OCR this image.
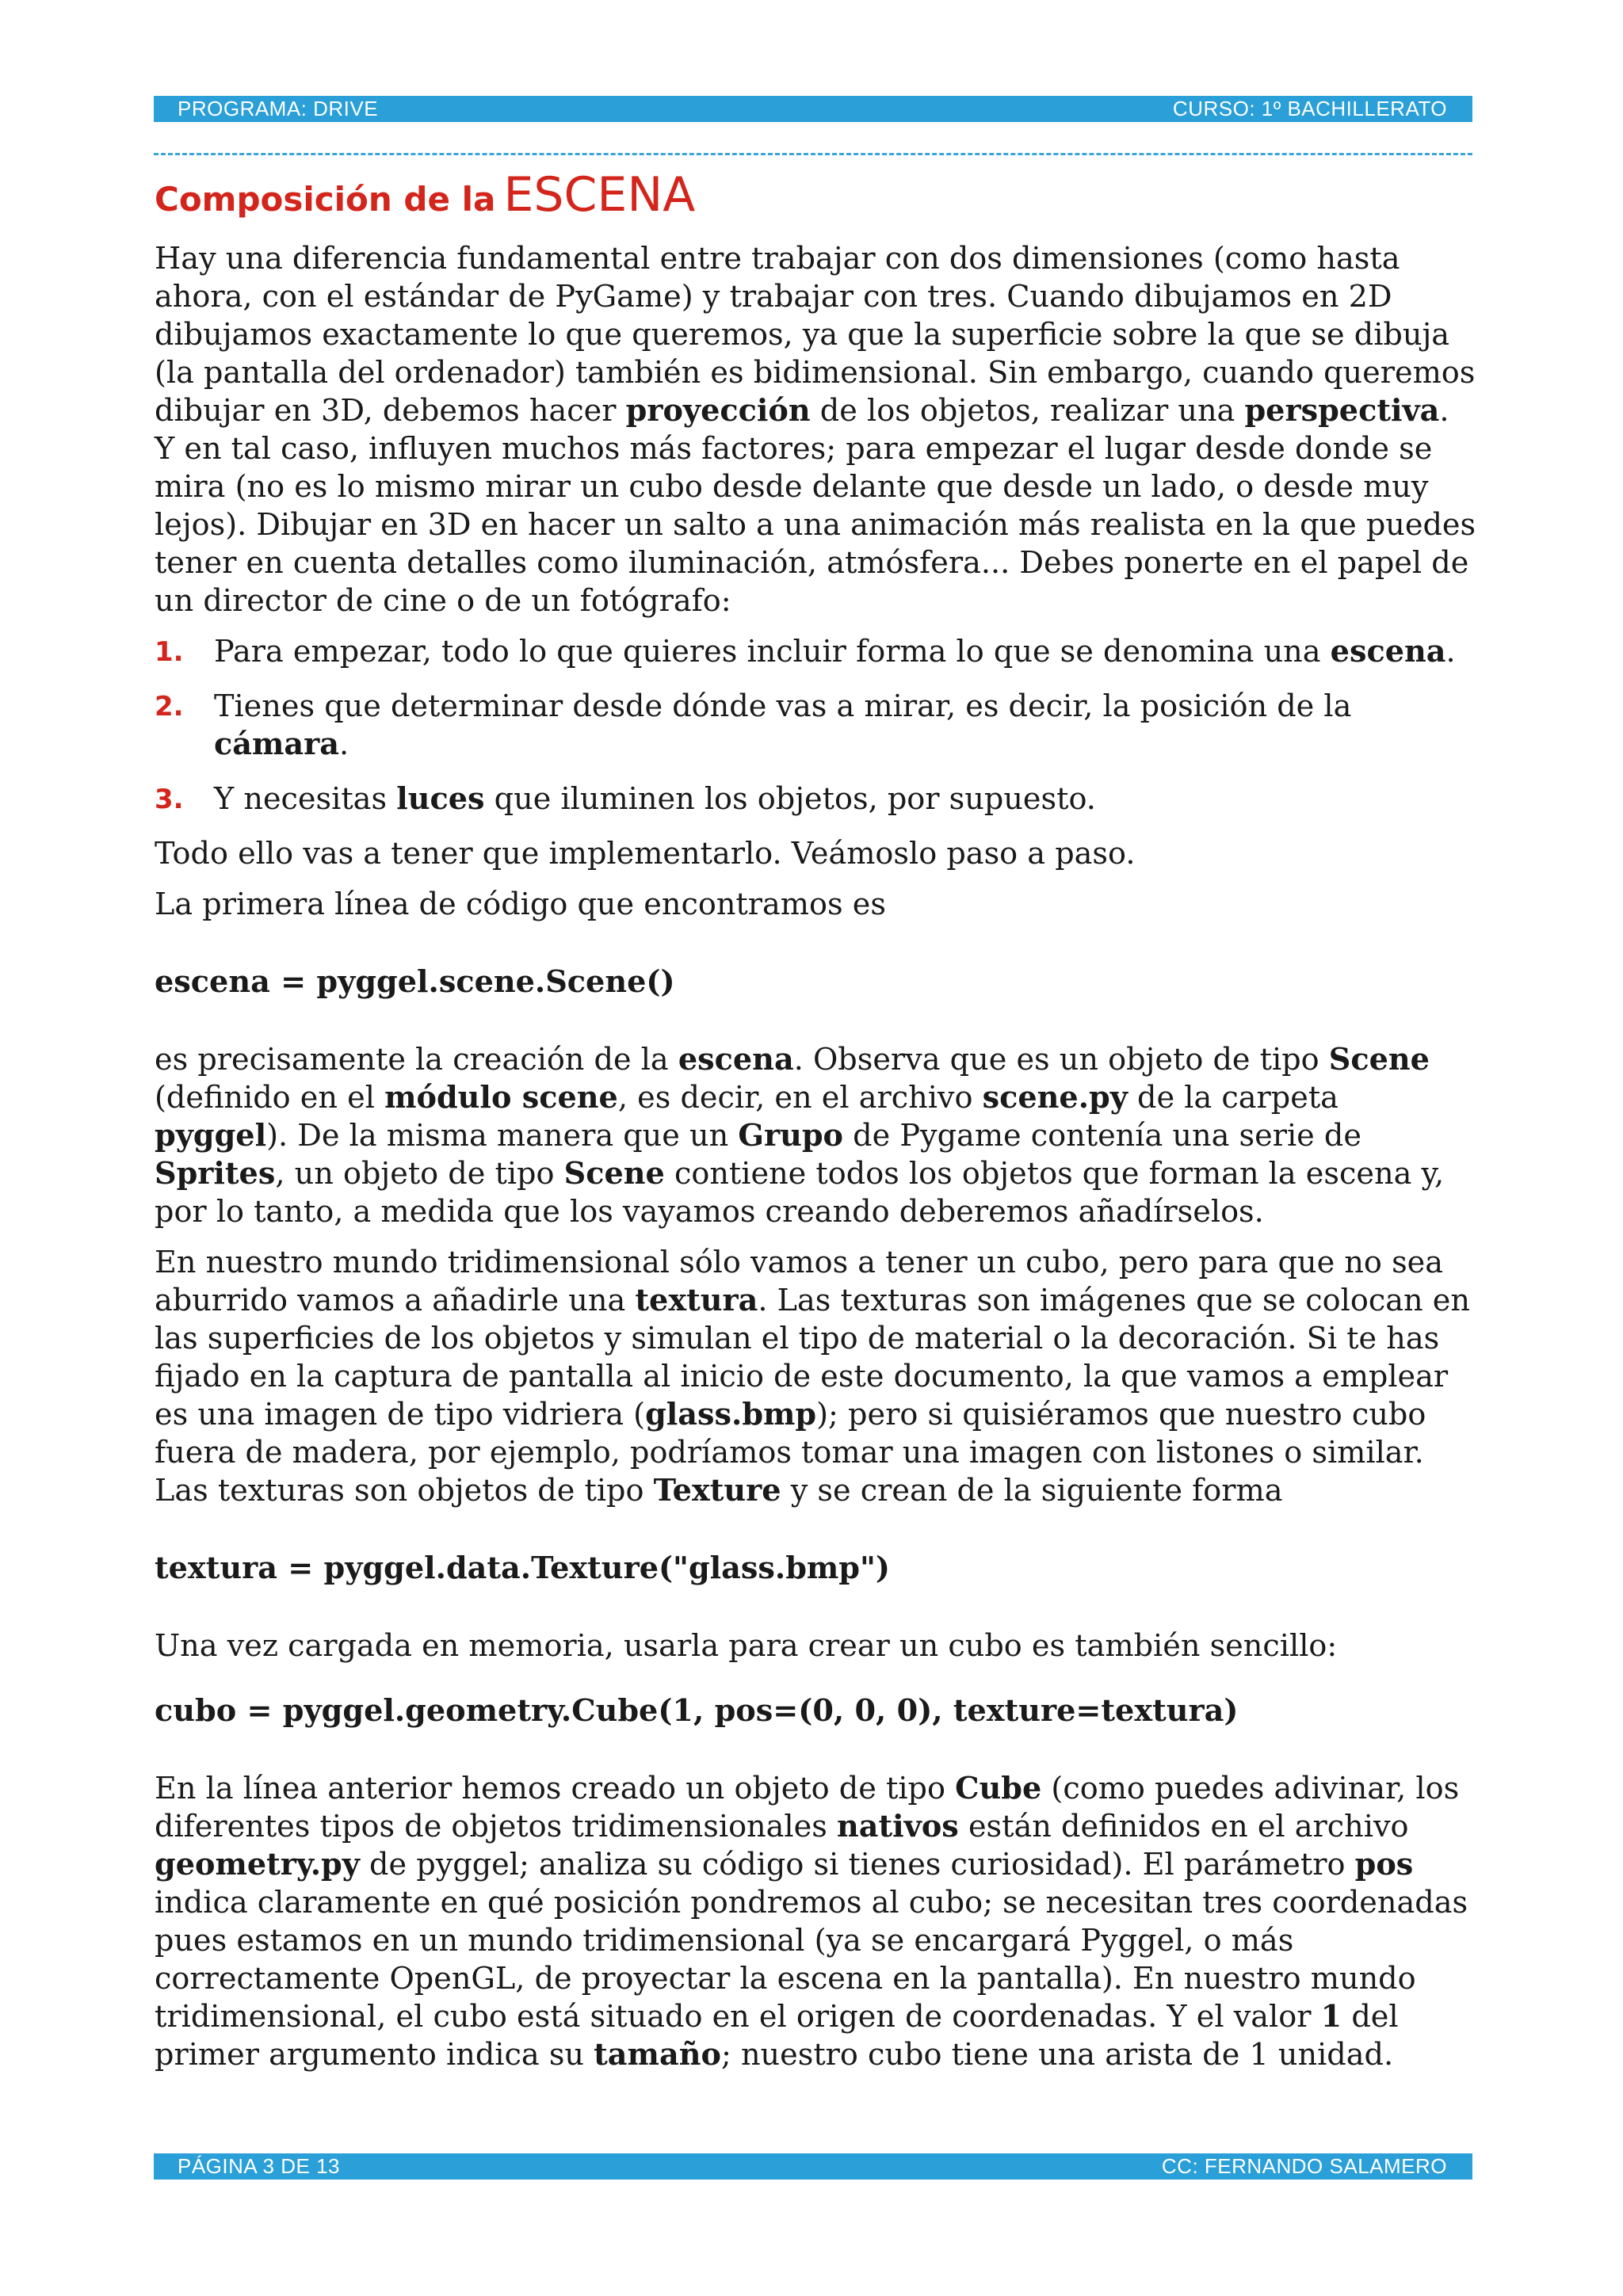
PROGRAMA: DRIVE	CURSO: 1º BACHILLERATO
Composición de la ESCENA

Hay una diferencia fundamental entre trabajar con dos dimensiones (como hasta ahora, con el estándar de PyGame) y trabajar con tres. Cuando dibujamos en 2D dibujamos exactamente lo que queremos, ya que la superficie sobre la que se dibuja (la pantalla del ordenador) también es bidimensional. Sin embargo, cuando queremos dibujar en 3D, debemos hacer proyección de los objetos, realizar una perspectiva. Y en tal caso, influyen muchos más factores; para empezar el lugar desde donde se mira (no es lo mismo mirar un cubo desde delante que desde un lado, o desde muy lejos). Dibujar en 3D en hacer un salto a una animación más realista en la que puedes tener en cuenta detalles como iluminación, atmósfera... Debes ponerte en el papel de un director de cine o de un fotógrafo:

1.	Para empezar, todo lo que quieres incluir forma lo que se denomina una escena.
2.	Tienes que determinar desde dónde vas a mirar, es decir, la posición de la cámara.
3.	Y necesitas luces que iluminen los objetos, por supuesto.

Todo ello vas a tener que implementarlo. Veámoslo paso a paso.

La primera línea de código que encontramos es

escena = pyggel.scene.Scene()

es precisamente la creación de la escena. Observa que es un objeto de tipo Scene (definido en el módulo scene, es decir, en el archivo scene.py de la carpeta pyggel). De la misma manera que un Grupo de Pygame contenía una serie de Sprites, un objeto de tipo Scene contiene todos los objetos que forman la escena y, por lo tanto, a medida que los vayamos creando deberemos añadírselos.

En nuestro mundo tridimensional sólo vamos a tener un cubo, pero para que no sea aburrido vamos a añadirle una textura. Las texturas son imágenes que se colocan en las superficies de los objetos y simulan el tipo de material o la decoración. Si te has fijado en la captura de pantalla al inicio de este documento, la que vamos a emplear es una imagen de tipo vidriera (glass.bmp); pero si quisiéramos que nuestro cubo fuera de madera, por ejemplo, podríamos tomar una imagen con listones o similar. Las texturas son objetos de tipo Texture y se crean de la siguiente forma

textura = pyggel.data.Texture("glass.bmp")

Una vez cargada en memoria, usarla para crear un cubo es también sencillo:

cubo = pyggel.geometry.Cube(1, pos=(0, 0, 0), texture=textura)

En la línea anterior hemos creado un objeto de tipo Cube (como puedes adivinar, los diferentes tipos de objetos tridimensionales nativos están definidos en el archivo geometry.py de pyggel; analiza su código si tienes curiosidad). El parámetro pos indica claramente en qué posición pondremos al cubo; se necesitan tres coordenadas pues estamos en un mundo tridimensional (ya se encargará Pyggel, o más correctamente OpenGL, de proyectar la escena en la pantalla). En nuestro mundo tridimensional, el cubo está situado en el origen de coordenadas. Y el valor 1 del primer argumento indica su tamaño; nuestro cubo tiene una arista de 1 unidad.

PÁGINA 3 DE 13	CC: FERNANDO SALAMERO
